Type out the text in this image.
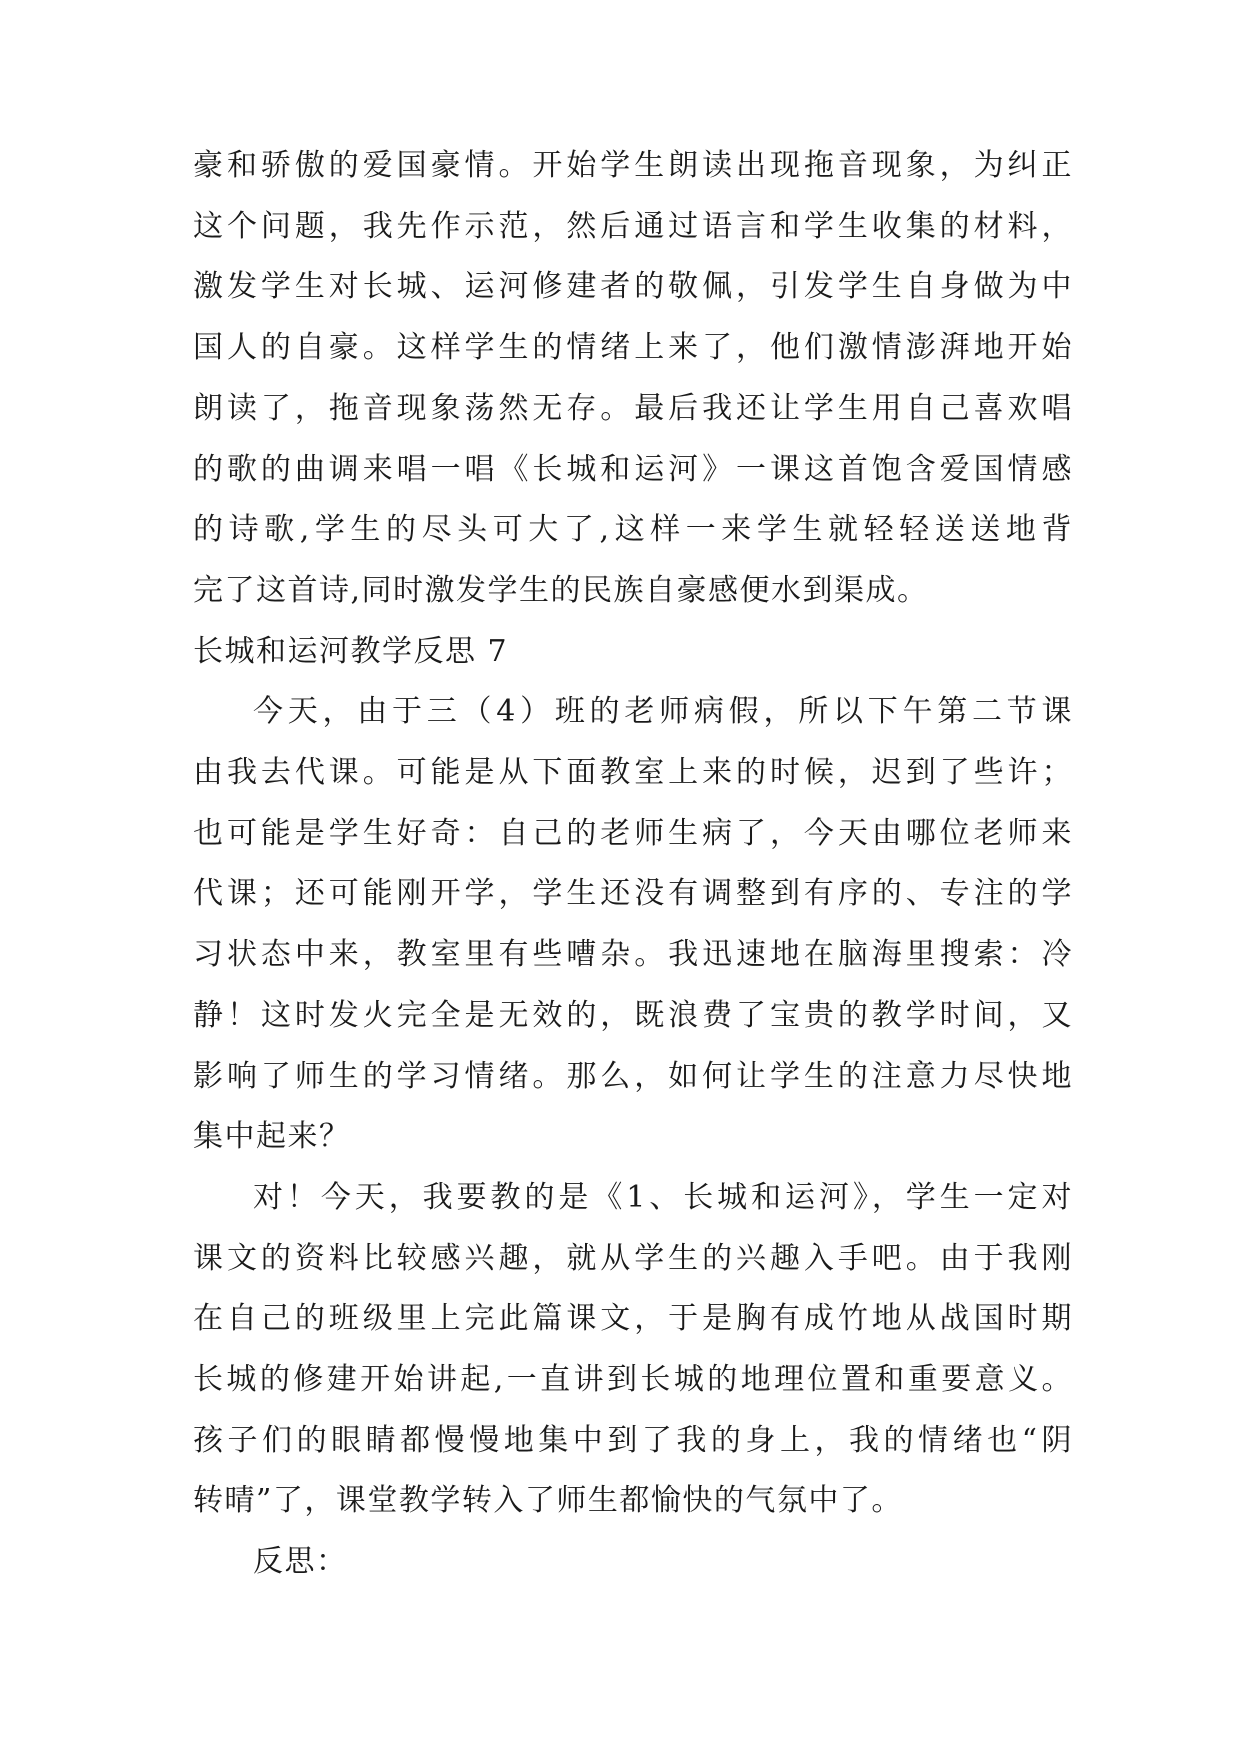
豪和骄傲的爱国豪情。开始学生朗读出现拖音现象，为纠正
这个问题，我先作示范，然后通过语言和学生收集的材料，
激发学生对长城、运河修建者的敬佩，引发学生自身做为中
国人的自豪。这样学生的情绪上来了，他们激情澎湃地开始
朗读了，拖音现象荡然无存。最后我还让学生用自己喜欢唱
的歌的曲调来唱一唱《长城和运河》一课这首饱含爱国情感
的诗歌,学生的尽头可大了,这样一来学生就轻轻送送地背
完了这首诗,同时激发学生的民族自豪感便水到渠成。
长城和运河教学反思 7
今天，由于三（4）班的老师病假，所以下午第二节课
由我去代课。可能是从下面教室上来的时候，迟到了些许；
也可能是学生好奇：自己的老师生病了，今天由哪位老师来
代课；还可能刚开学，学生还没有调整到有序的、专注的学
习状态中来，教室里有些嘈杂。我迅速地在脑海里搜索：冷
静！这时发火完全是无效的，既浪费了宝贵的教学时间，又
影响了师生的学习情绪。那么，如何让学生的注意力尽快地
集中起来？
对！今天，我要教的是《1、长城和运河》，学生一定对
课文的资料比较感兴趣，就从学生的兴趣入手吧。由于我刚
在自己的班级里上完此篇课文，于是胸有成竹地从战国时期
长城的修建开始讲起,一直讲到长城的地理位置和重要意义。
孩子们的眼睛都慢慢地集中到了我的身上，我的情绪也“阴
转晴”了，课堂教学转入了师生都愉快的气氛中了。
反思：
